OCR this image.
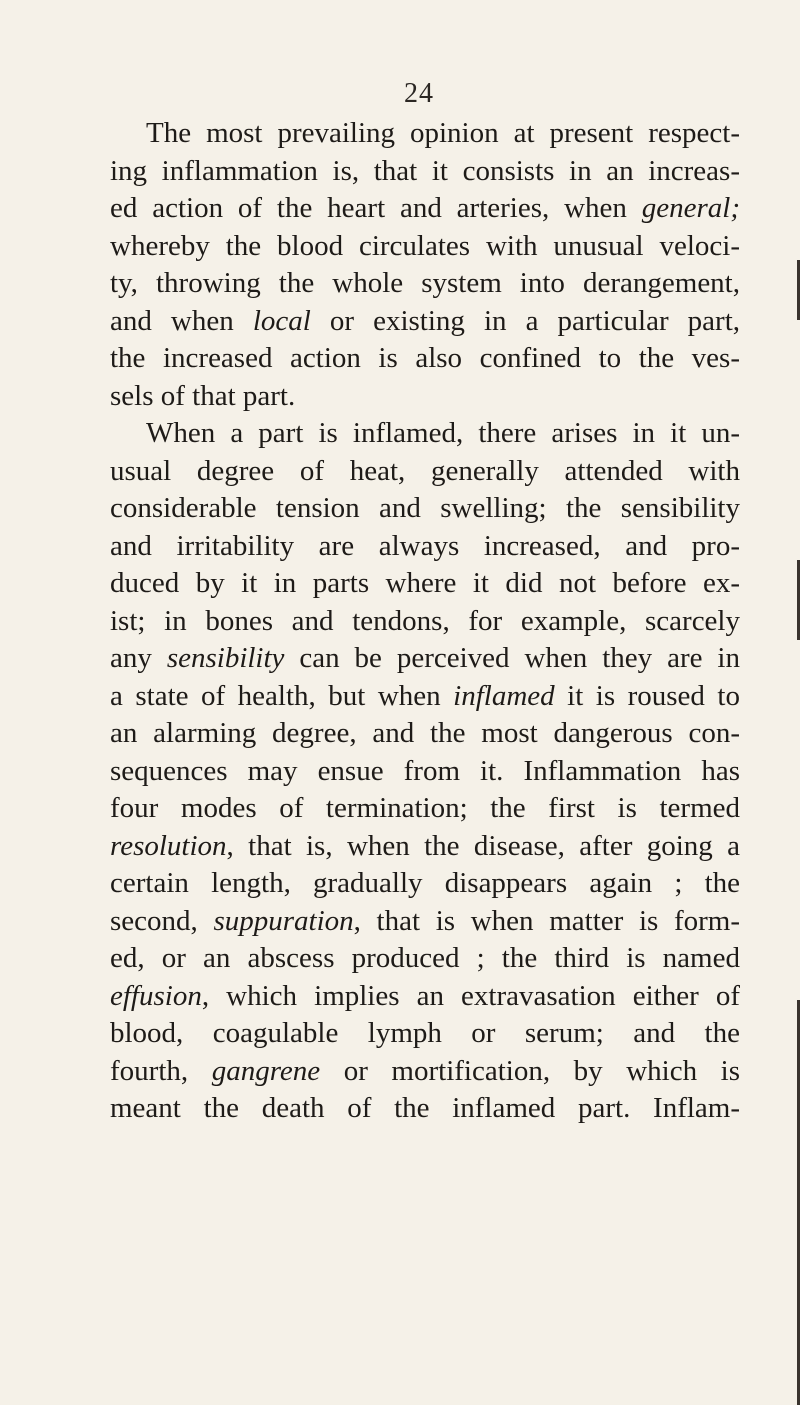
24
The most prevailing opinion at present respect-
ing inflammation is, that it consists in an increas-
ed action of the heart and arteries, when general;
whereby the blood circulates with unusual veloci-
ty, throwing the whole system into derangement,
and when local or existing in a particular part,
the increased action is also confined to the ves-
sels of that part.
When a part is inflamed, there arises in it un-
usual degree of heat, generally attended with
considerable tension and swelling; the sensibility
and irritability are always increased, and pro-
duced by it in parts where it did not before ex-
ist; in bones and tendons, for example, scarcely
any sensibility can be perceived when they are in
a state of health, but when inflamed it is roused to
an alarming degree, and the most dangerous con-
sequences may ensue from it. Inflammation has
four modes of termination; the first is termed
resolution, that is, when the disease, after going a
certain length, gradually disappears again ; the
second, suppuration, that is when matter is form-
ed, or an abscess produced ; the third is named
effusion, which implies an extravasation either of
blood, coagulable lymph or serum; and the
fourth, gangrene or mortification, by which is
meant the death of the inflamed part. Inflam-
